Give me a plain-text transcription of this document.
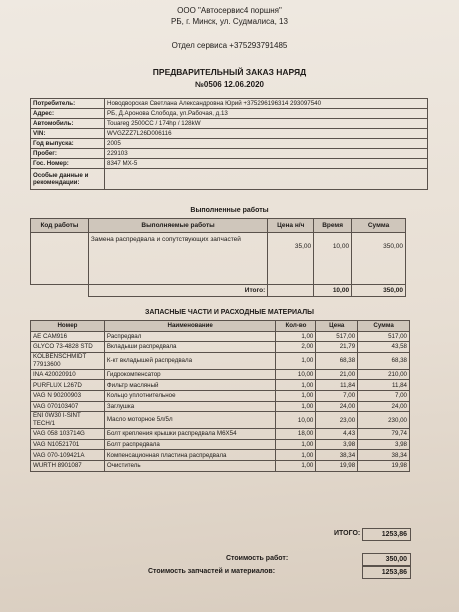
ООО "Автосервис4 поршня"
РБ, г. Минск, ул. Судмалиса, 13
Отдел сервиса +375293791485
ПРЕДВАРИТЕЛЬНЫЙ ЗАКАЗ НАРЯД
№0506 12.06.2020
Потребитель:	Новодворская Светлана Александровна Юрий +375296196314 293097540
Адрес:	РБ, Д.Аронова Слобода, ул.Рабочая, д.13
Автомобиль:	Touareg 2500CC / 174hp / 128kW
VIN:	WVGZZZ7L26D006116
Год выпуска:	2005
Пробег:	229103
Гос. Номер:	8347 MX-5
Особые данные и рекомендации:	
Выполненные работы
Код работы	Выполняемые работы	Цена н/ч	Время	Сумма
	Замена распредвала и сопутствующих запчастей	35,00	10,00	350,00
	Итого:		10,00	350,00
ЗАПАСНЫЕ ЧАСТИ И РАСХОДНЫЕ МАТЕРИАЛЫ
Номер	Наименование	Кол-во	Цена	Сумма
AE CAM916	Распредвал	1,00	517,00	517,00
GLYCO 73-4828 STD	Вкладыши распредвала	2,00	21,79	43,58
KOLBENSCHMIDT 77913600	К-кт вкладышей распредвала	1,00	68,38	68,38
INA 420020910	Гидрокомпенсатор	10,00	21,00	210,00
PURFLUX L267D	Фильтр масляный	1,00	11,84	11,84
VAG N 90200903	Кольцо уплотнительное	1,00	7,00	7,00
VAG 070103407	Заглушка	1,00	24,00	24,00
ENI 0W30 I-SINT TECH/1	Масло моторное 5л/5л	10,00	23,00	230,00
VAG 058 103714G	Болт крепления крышки распредвала M6X54	18,00	4,43	79,74
VAG N10521701	Болт распредвала	1,00	3,98	3,98
VAG 070-109421A	Компенсационная пластина распредвала	1,00	38,34	38,34
WURTH 8901087	Очиститель	1,00	19,98	19,98
ИТОГО:	1253,86
Стоимость работ:	350,00
Стоимость запчастей и материалов:	1253,86
